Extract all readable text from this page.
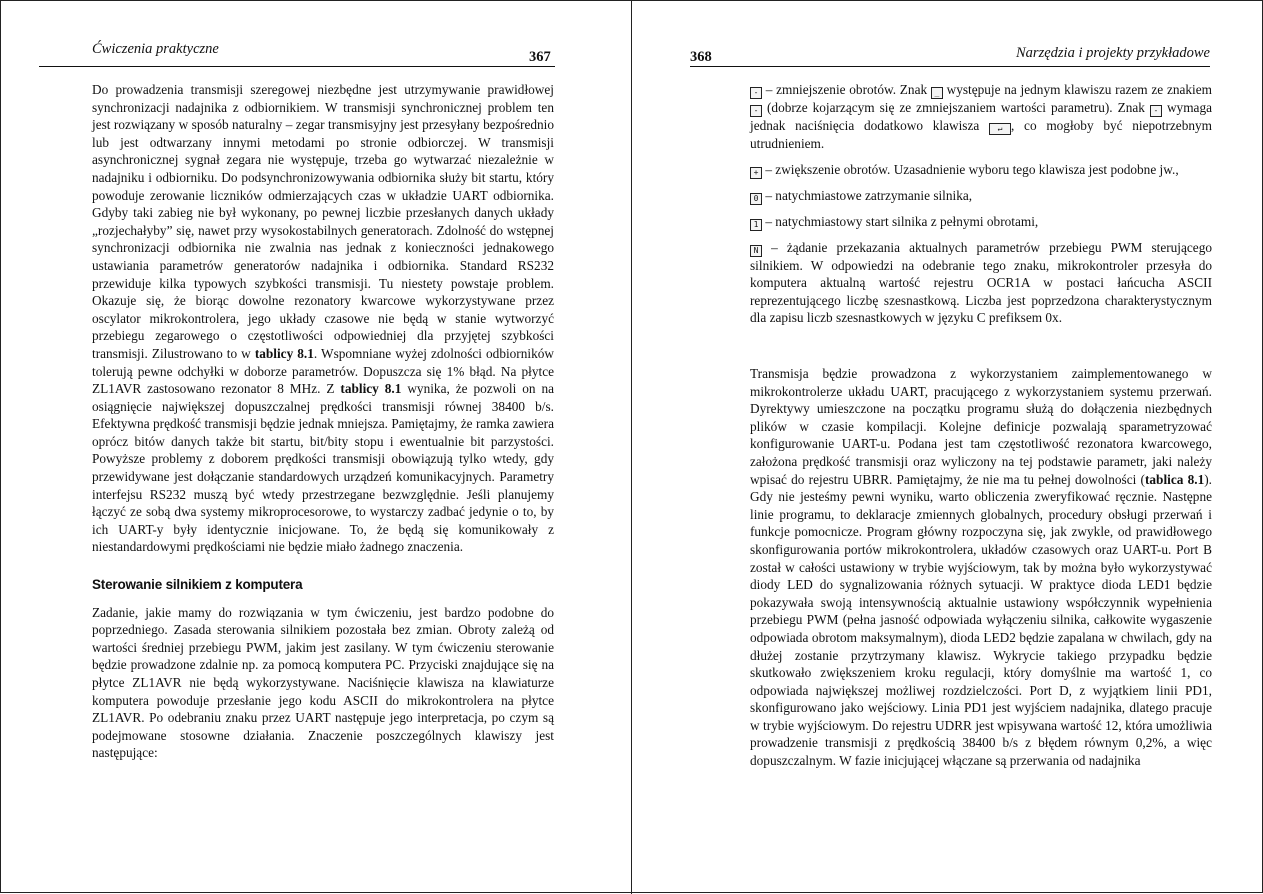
Ćwiczenia praktyczne	367

Do prowadzenia transmisji szeregowej niezbędne jest utrzymywanie prawidłowej synchronizacji nadajnika z odbiornikiem. W transmisji synchronicznej problem ten jest rozwiązany w sposób naturalny – zegar transmisyjny jest przesyłany bezpośrednio lub jest odtwarzany innymi metodami po stronie odbiorczej. W transmisji asynchronicznej sygnał zegara nie występuje, trzeba go wytwarzać niezależnie w nadajniku i odbiorniku. Do podsynchronizowywania odbiornika służy bit startu, który powoduje zerowanie liczników odmierzających czas w układzie UART odbiornika. Gdyby taki zabieg nie był wykonany, po pewnej liczbie przesłanych danych układy „rozjechałyby” się, nawet przy wysokostabilnych generatorach. Zdolność do wstępnej synchronizacji odbiornika nie zwalnia nas jednak z konieczności jednakowego ustawiania parametrów generatorów nadajnika i odbiornika. Standard RS232 przewiduje kilka typowych szybkości transmisji. Tu niestety powstaje problem. Okazuje się, że biorąc dowolne rezonatory kwarcowe wykorzystywane przez oscylator mikrokontrolera, jego układy czasowe nie będą w stanie wytworzyć przebiegu zegarowego o częstotliwości odpowiedniej dla przyjętej szybkości transmisji. Zilustrowano to w tablicy 8.1. Wspomniane wyżej zdolności odbiorników tolerują pewne odchyłki w doborze parametrów. Dopuszcza się 1% błąd. Na płytce ZL1AVR zastosowano rezonator 8 MHz. Z tablicy 8.1 wynika, że pozwoli on na osiągnięcie największej dopuszczalnej prędkości transmisji równej 38400 b/s. Efektywna prędkość transmisji będzie jednak mniejsza. Pamiętajmy, że ramka zawiera oprócz bitów danych także bit startu, bit/bity stopu i ewentualnie bit parzystości. Powyższe problemy z doborem prędkości transmisji obowiązują tylko wtedy, gdy przewidywane jest dołączanie standardowych urządzeń komunikacyjnych. Parametry interfejsu RS232 muszą być wtedy przestrzegane bezwzględnie. Jeśli planujemy łączyć ze sobą dwa systemy mikroprocesorowe, to wystarczy zadbać jedynie o to, by ich UART-y były identycznie inicjowane. To, że będą się komunikowały z niestandardowymi prędkościami nie będzie miało żadnego znaczenia.

Sterowanie silnikiem z komputera

Zadanie, jakie mamy do rozwiązania w tym ćwiczeniu, jest bardzo podobne do poprzedniego. Zasada sterowania silnikiem pozostała bez zmian. Obroty zależą od wartości średniej przebiegu PWM, jakim jest zasilany. W tym ćwiczeniu sterowanie będzie prowadzone zdalnie np. za pomocą komputera PC. Przyciski znajdujące się na płytce ZL1AVR nie będą wykorzystywane. Naciśnięcie klawisza na klawiaturze komputera powoduje przesłanie jego kodu ASCII do mikrokontrolera na płytce ZL1AVR. Po odebraniu znaku przez UART następuje jego interpretacja, po czym są podejmowane stosowne działania. Znaczenie poszczególnych klawiszy jest następujące:

368	Narzędzia i projekty przykładowe

- – zmniejszenie obrotów. Znak _ występuje na jednym klawiszu razem ze znakiem - (dobrze kojarzącym się ze zmniejszaniem wartości parametru). Znak - wymaga jednak naciśnięcia dodatkowo klawisza ↵ , co mogłoby być niepotrzebnym utrudnieniem.

+ – zwiększenie obrotów. Uzasadnienie wyboru tego klawisza jest podobne jw.,

0 – natychmiastowe zatrzymanie silnika,

1 – natychmiastowy start silnika z pełnymi obrotami,

N – żądanie przekazania aktualnych parametrów przebiegu PWM sterującego silnikiem. W odpowiedzi na odebranie tego znaku, mikrokontroler przesyła do komputera aktualną wartość rejestru OCR1A w postaci łańcucha ASCII reprezentującego liczbę szesnastkową. Liczba jest poprzedzona charakterystycznym dla zapisu liczb szesnastkowych w języku C prefiksem 0x.

Transmisja będzie prowadzona z wykorzystaniem zaimplementowanego w mikrokontrolerze układu UART, pracującego z wykorzystaniem systemu przerwań. Dyrektywy umieszczone na początku programu służą do dołączenia niezbędnych plików w czasie kompilacji. Kolejne definicje pozwalają sparametryzować konfigurowanie UART-u. Podana jest tam częstotliwość rezonatora kwarcowego, założona prędkość transmisji oraz wyliczony na tej podstawie parametr, jaki należy wpisać do rejestru UBRR. Pamiętajmy, że nie ma tu pełnej dowolności (tablica 8.1). Gdy nie jesteśmy pewni wyniku, warto obliczenia zweryfikować ręcznie. Następne linie programu, to deklaracje zmiennych globalnych, procedury obsługi przerwań i funkcje pomocnicze. Program główny rozpoczyna się, jak zwykle, od prawidłowego skonfigurowania portów mikrokontrolera, układów czasowych oraz UART-u. Port B został w całości ustawiony w trybie wyjściowym, tak by można było wykorzystywać diody LED do sygnalizowania różnych sytuacji. W praktyce dioda LED1 będzie pokazywała swoją intensywnością aktualnie ustawiony współczynnik wypełnienia przebiegu PWM (pełna jasność odpowiada wyłączeniu silnika, całkowite wygaszenie odpowiada obrotom maksymalnym), dioda LED2 będzie zapalana w chwilach, gdy na dłużej zostanie przytrzymany klawisz. Wykrycie takiego przypadku będzie skutkowało zwiększeniem kroku regulacji, który domyślnie ma wartość 1, co odpowiada największej możliwej rozdzielczości. Port D, z wyjątkiem linii PD1, skonfigurowano jako wejściowy. Linia PD1 jest wyjściem nadajnika, dlatego pracuje w trybie wyjściowym. Do rejestru UDRR jest wpisywana wartość 12, która umożliwia prowadzenie transmisji z prędkością 38400 b/s z błędem równym 0,2%, a więc dopuszczalnym. W fazie inicjującej włączane są przerwania od nadajnika
